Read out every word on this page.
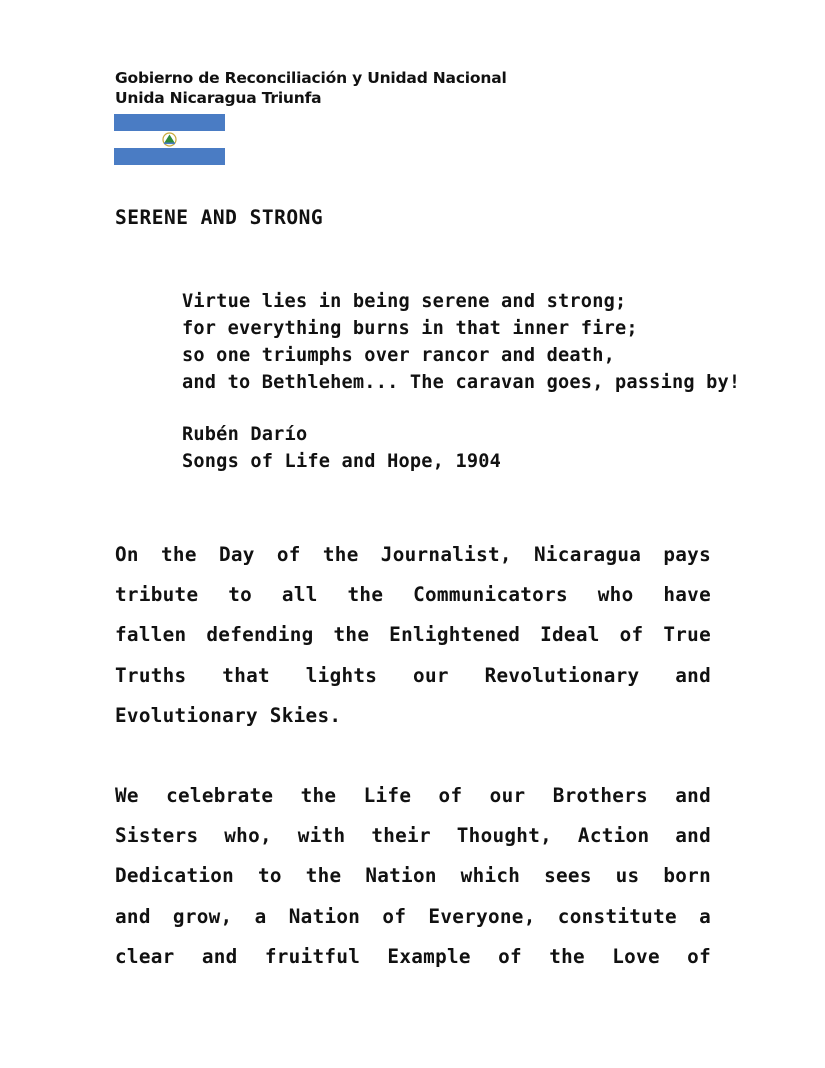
Gobierno de Reconciliación y Unidad Nacional
Unida Nicaragua Triunfa
SERENE AND STRONG
Virtue lies in being serene and strong;
for everything burns in that inner fire;
so one triumphs over rancor and death,
and to Bethlehem... The caravan goes, passing by!
Rubén Darío
Songs of Life and Hope, 1904
On the Day of the Journalist, Nicaragua pays
tribute to all the Communicators who have
fallen defending the Enlightened Ideal of True
Truths that lights our Revolutionary and
Evolutionary Skies.
We celebrate the Life of our Brothers and
Sisters who, with their Thought, Action and
Dedication to the Nation which sees us born
and grow, a Nation of Everyone, constitute a
clear and fruitful Example of the Love of
